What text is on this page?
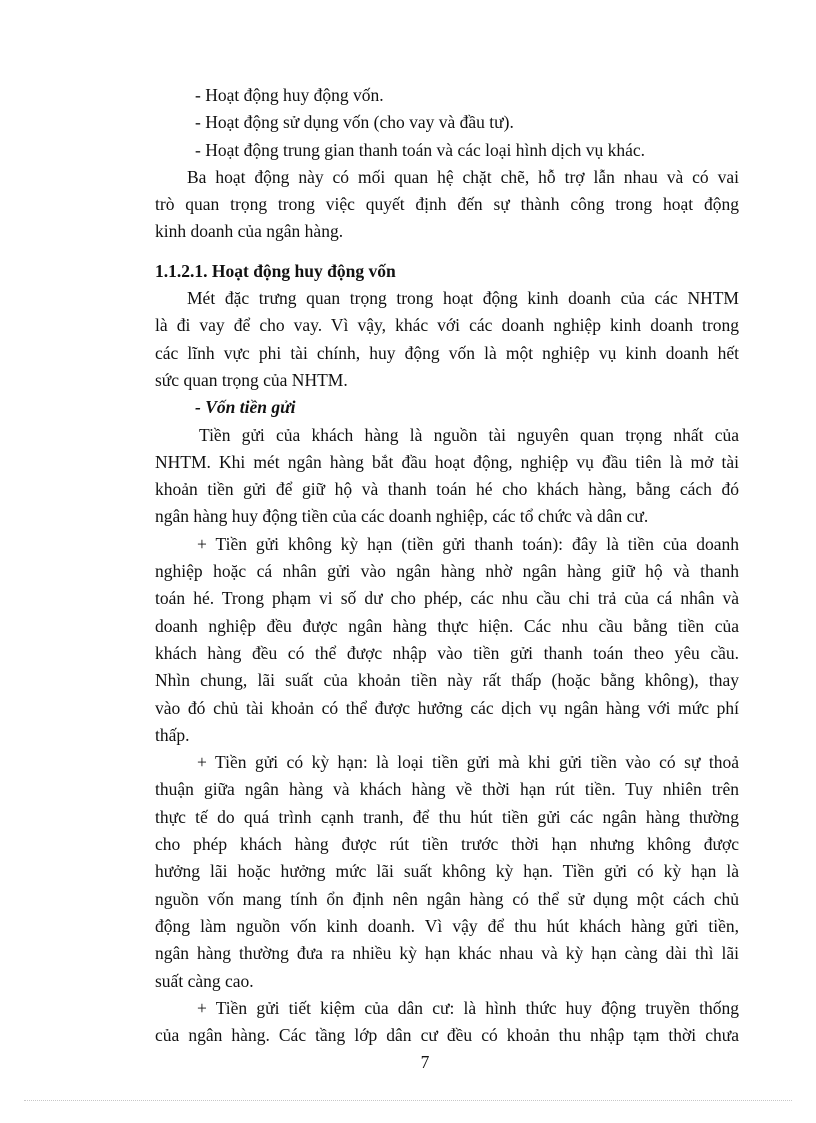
- Hoạt động huy động vốn.
- Hoạt động sử dụng vốn (cho vay và đầu tư).
- Hoạt động trung gian thanh toán và các loại hình dịch vụ khác.
Ba hoạt động này có mối quan hệ chặt chẽ, hỗ trợ lẫn nhau và có vai
trò quan trọng trong việc quyết định đến sự thành công trong hoạt động
kinh doanh của ngân hàng.
1.1.2.1. Hoạt động huy động vốn
Mét đặc trưng quan trọng trong hoạt động kinh doanh của các NHTM
là đi vay để cho vay. Vì vậy, khác với các doanh nghiệp kinh doanh trong
các lĩnh vực phi tài chính, huy động vốn là một nghiệp vụ kinh doanh hết
sức quan trọng của NHTM.
- Vốn tiền gửi
Tiền gửi của khách hàng là nguồn tài nguyên quan trọng nhất của
NHTM. Khi mét ngân hàng bắt đầu hoạt động, nghiệp vụ đầu tiên là mở tài
khoản tiền gửi để giữ hộ và thanh toán hé cho khách hàng, bằng cách đó
ngân hàng huy động tiền của các doanh nghiệp, các tổ chức và dân cư.
+ Tiền gửi không kỳ hạn (tiền gửi thanh toán): đây là tiền của doanh
nghiệp hoặc cá nhân gửi vào ngân hàng nhờ ngân hàng giữ hộ và thanh
toán hé. Trong phạm vi số dư cho phép, các nhu cầu chi trả của cá nhân và
doanh nghiệp đều được ngân hàng thực hiện. Các nhu cầu bằng tiền của
khách hàng đều có thể được nhập vào tiền gửi thanh toán theo yêu cầu.
Nhìn chung, lãi suất của khoản tiền này rất thấp (hoặc bằng không), thay
vào đó chủ tài khoản có thể được hưởng các dịch vụ ngân hàng với mức phí
thấp.
+ Tiền gửi có kỳ hạn: là loại tiền gửi mà khi gửi tiền vào có sự thoả
thuận giữa ngân hàng và khách hàng về thời hạn rút tiền. Tuy nhiên trên
thực tế do quá trình cạnh tranh, để thu hút tiền gửi các ngân hàng thường
cho phép khách hàng được rút tiền trước thời hạn nhưng không được
hưởng lãi hoặc hưởng mức lãi suất không kỳ hạn. Tiền gửi có kỳ hạn là
nguồn vốn mang tính ổn định nên ngân hàng có thể sử dụng một cách chủ
động làm nguồn vốn kinh doanh. Vì vậy để thu hút khách hàng gửi tiền,
ngân hàng thường đưa ra nhiều kỳ hạn khác nhau và kỳ hạn càng dài thì lãi
suất càng cao.
+ Tiền gửi tiết kiệm của dân cư: là hình thức huy động truyền thống
của ngân hàng. Các tầng lớp dân cư đều có khoản thu nhập tạm thời chưa
7
